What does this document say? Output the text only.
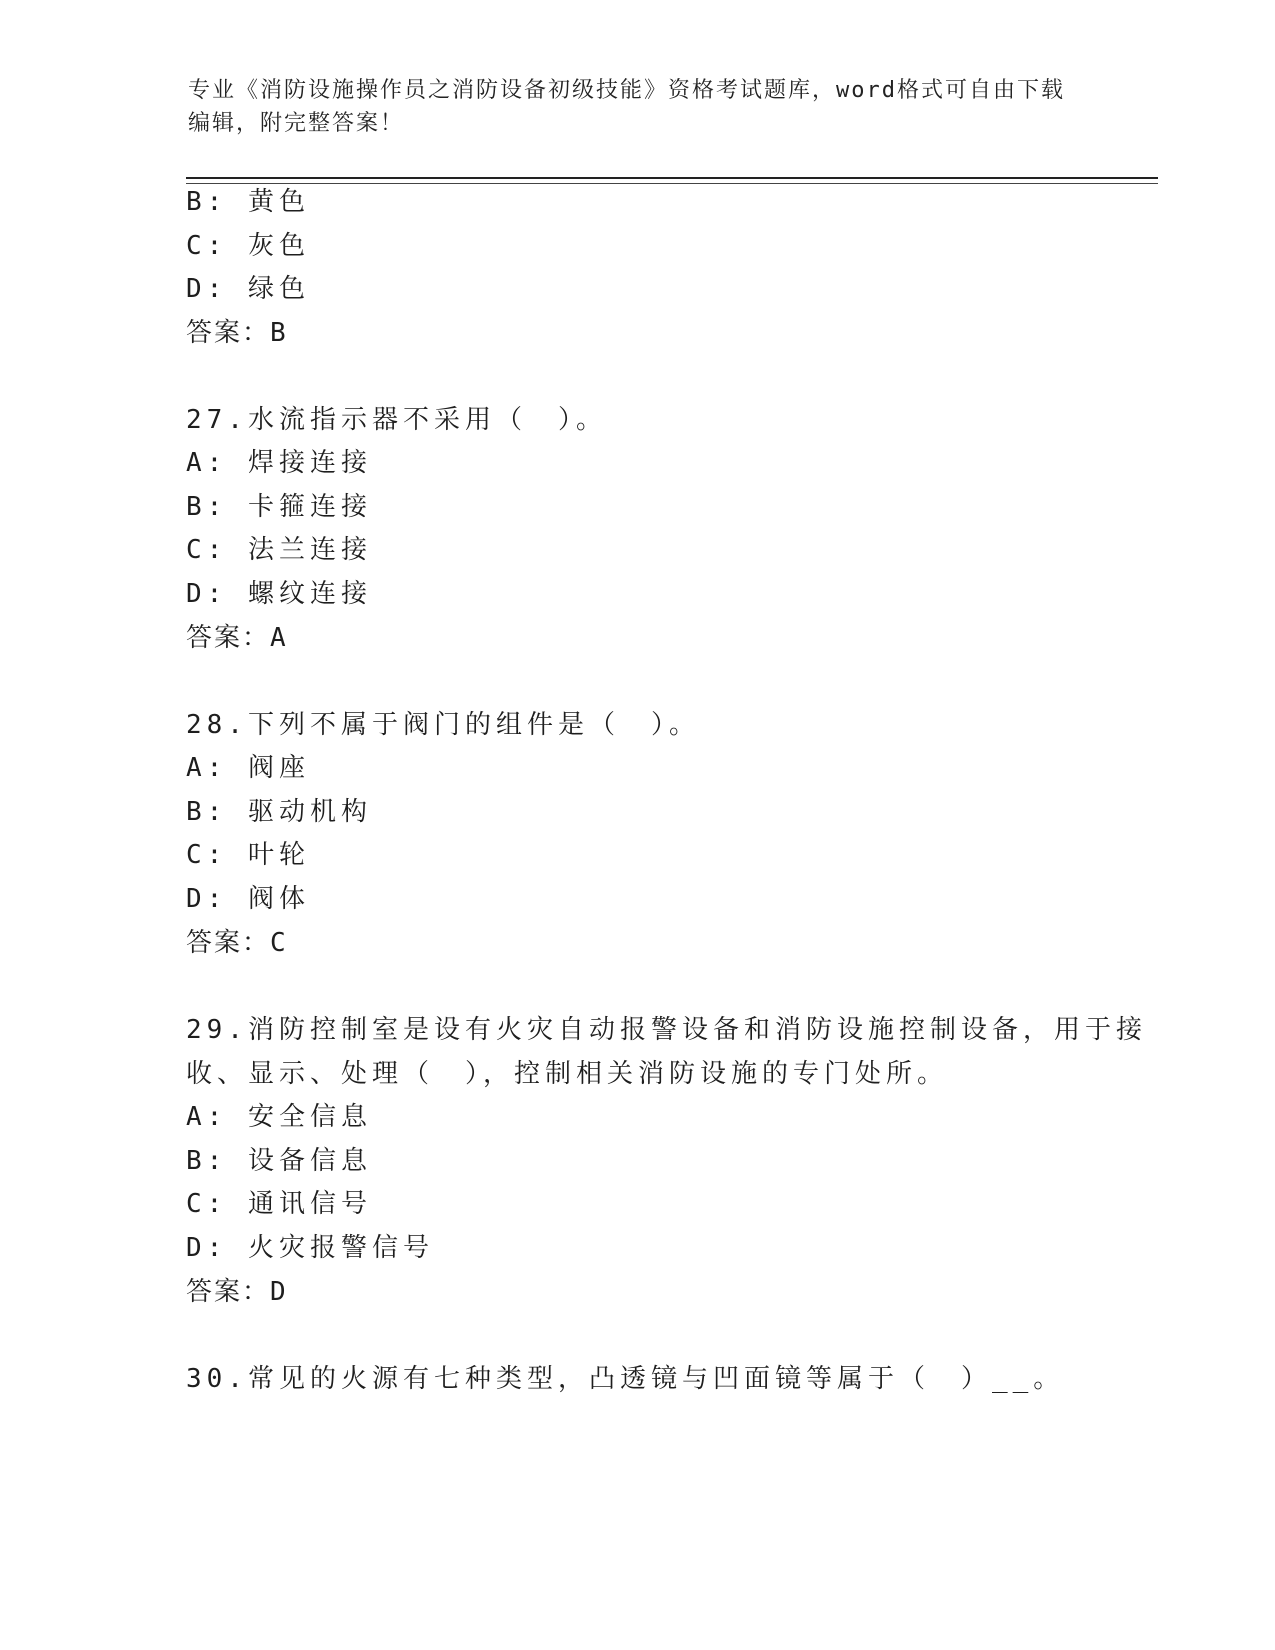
专业《消防设施操作员之消防设备初级技能》资格考试题库，word格式可自由下载编辑，附完整答案！
B: 黄色
C: 灰色
D: 绿色
答案：B
27.水流指示器不采用（　）。
A: 焊接连接
B: 卡箍连接
C: 法兰连接
D: 螺纹连接
答案：A
28.下列不属于阀门的组件是（　）。
A: 阀座
B: 驱动机构
C: 叶轮
D: 阀体
答案：C
29.消防控制室是设有火灾自动报警设备和消防设施控制设备，用于接
收、显示、处理（　），控制相关消防设施的专门处所。
A: 安全信息
B: 设备信息
C: 通讯信号
D: 火灾报警信号
答案：D
30.常见的火源有七种类型，凸透镜与凹面镜等属于（　）__。
